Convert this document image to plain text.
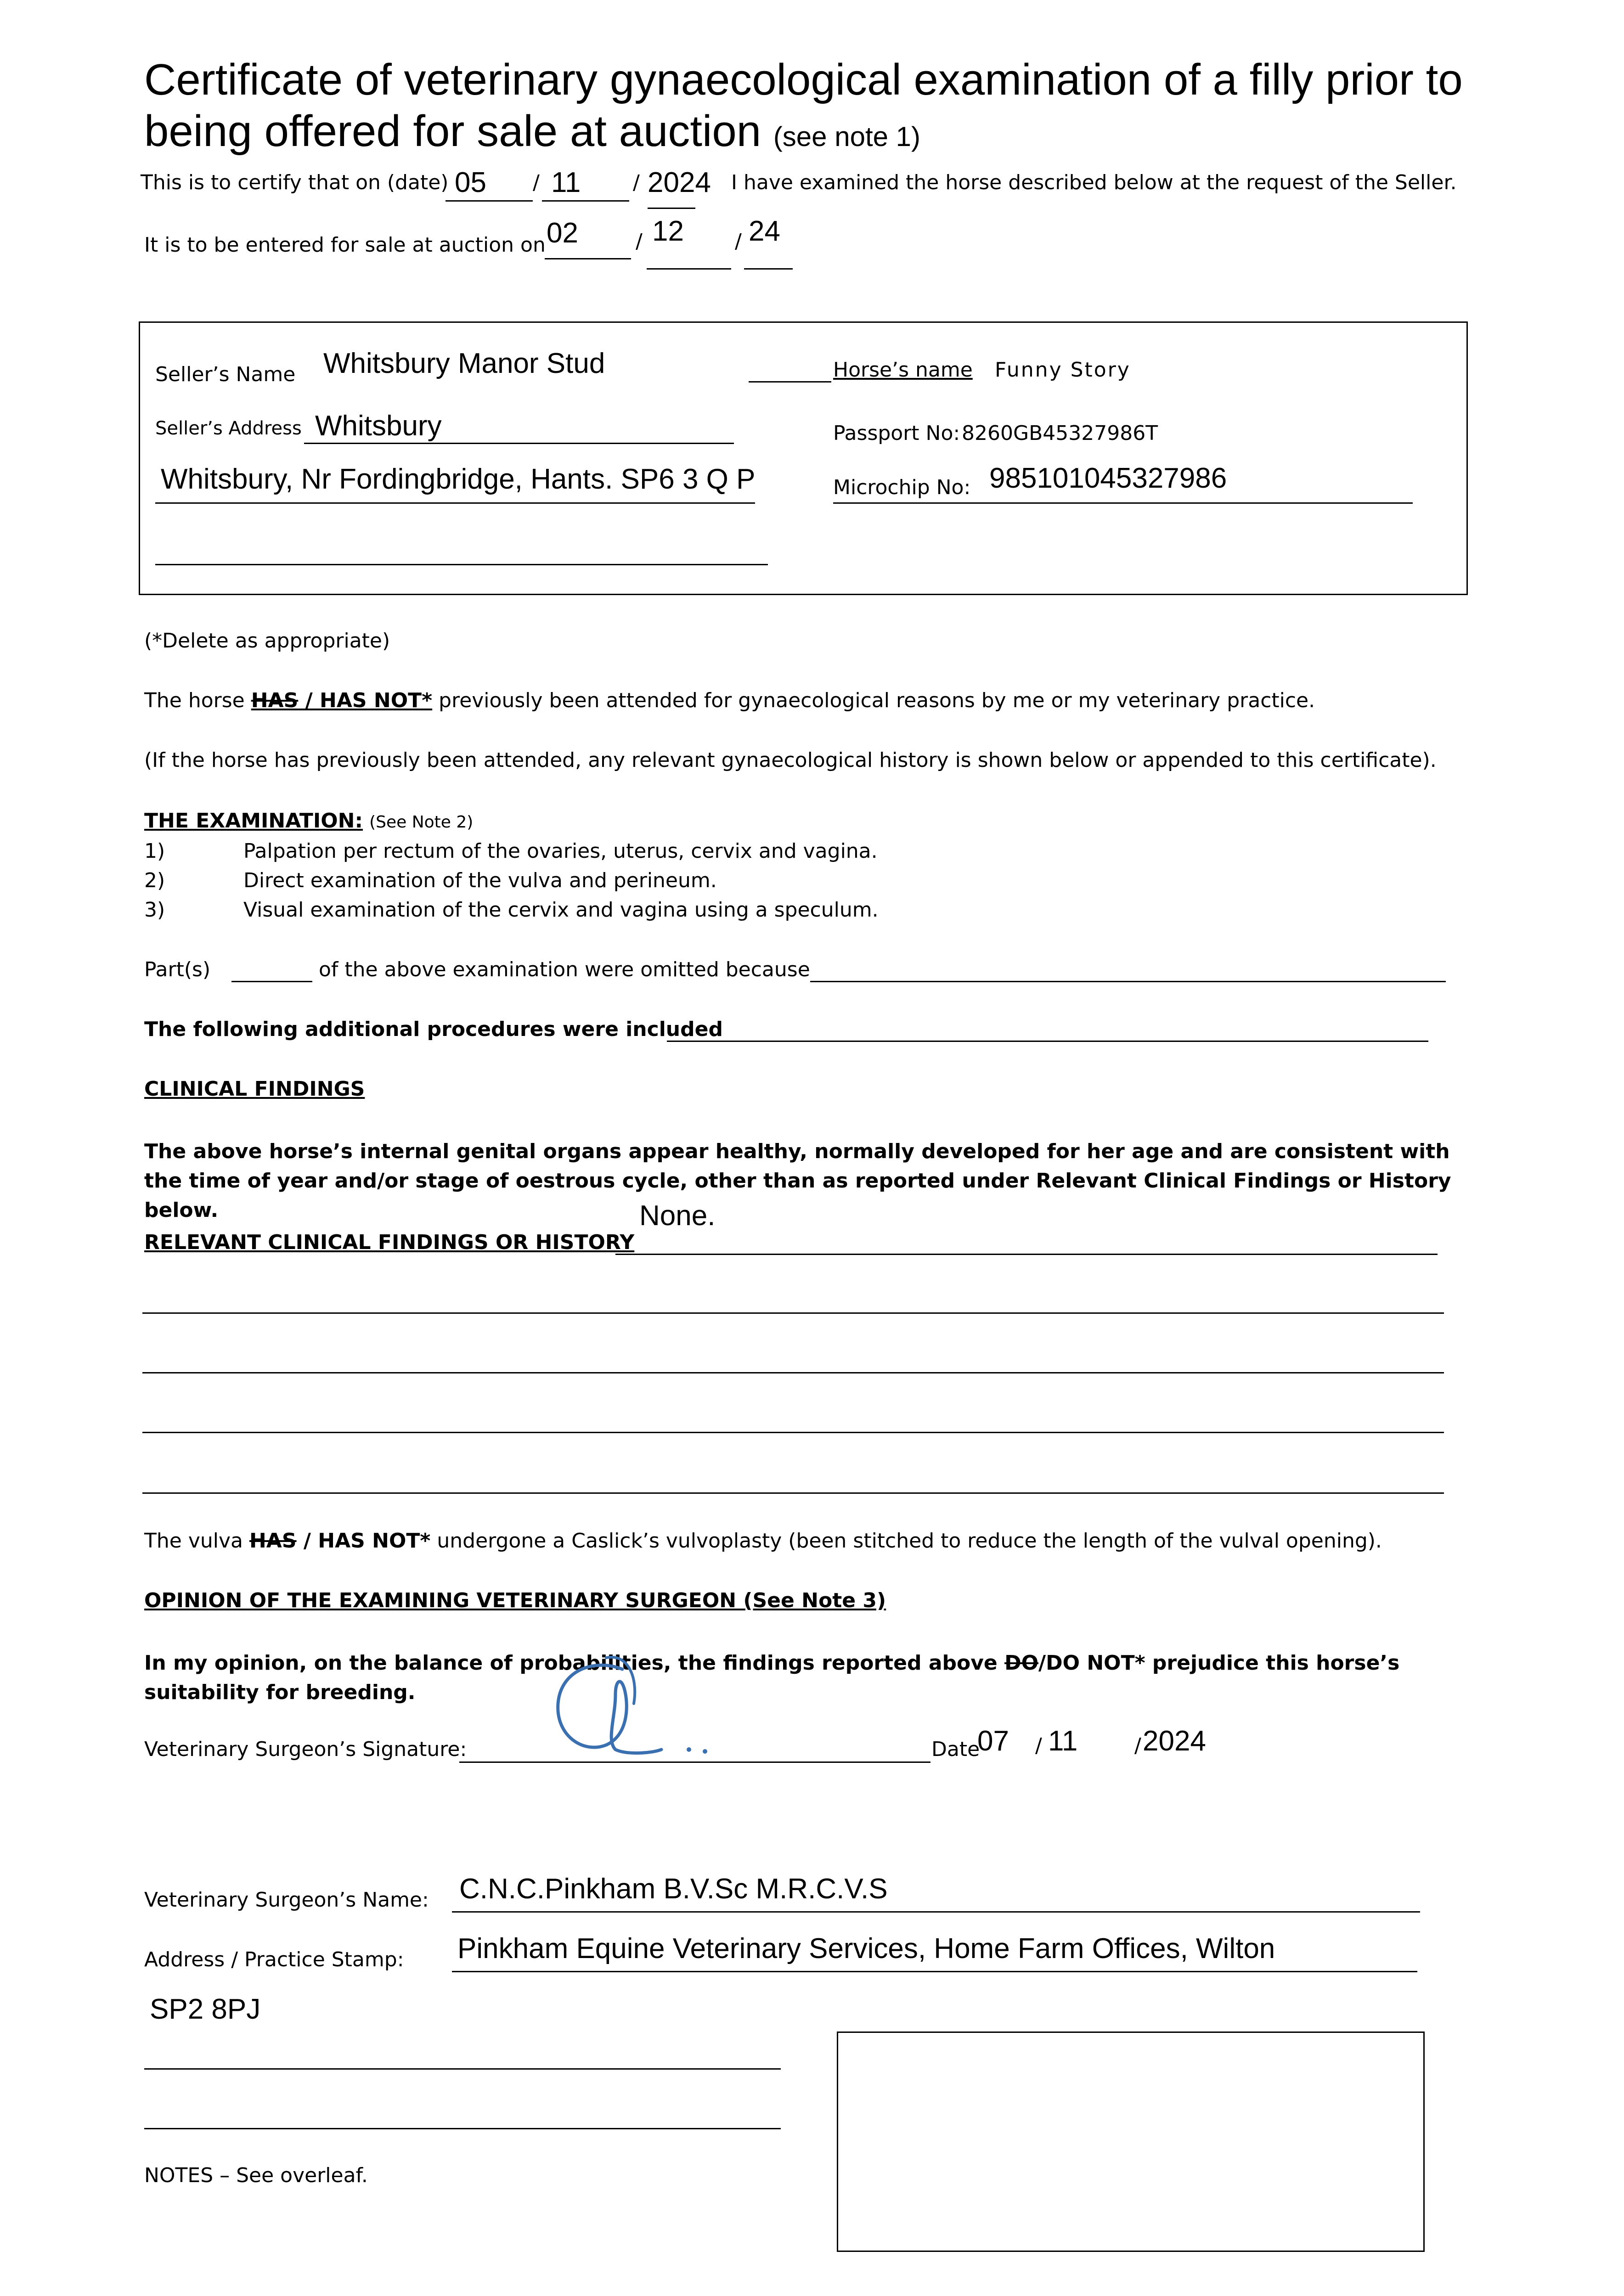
Certificate of veterinary gynaecological examination of a filly prior to being offered for sale at auction (see note 1)
This is to certify that on (date) 05 / 11	/ 2024 I have examined the horse described below at the request of the Seller.
It is to be entered for sale at auction on 02	/ 12	/ 24
Seller’s Name Whitsbury Manor Stud	Horse’s name Funny Story
Seller’s Address Whitsbury	Passport No: 8260GB45327986T
Whitsbury, Nr Fordingbridge, Hants. SP6 3 Q P	Microchip No: 985101045327986
(*Delete as appropriate)
The horse HAS / HAS NOT* previously been attended for gynaecological reasons by me or my veterinary practice.
(If the horse has previously been attended, any relevant gynaecological history is shown below or appended to this certificate).
THE EXAMINATION: (See Note 2)
1)	Palpation per rectum of the ovaries, uterus, cervix and vagina.
2)	Direct examination of the vulva and perineum.
3)	Visual examination of the cervix and vagina using a speculum.
Part(s)	of the above examination were omitted because
The following additional procedures were included
CLINICAL FINDINGS
The above horse’s internal genital organs appear healthy, normally developed for her age and are consistent with the time of year and/or stage of oestrous cycle, other than as reported under Relevant Clinical Findings or History below.
RELEVANT CLINICAL FINDINGS OR HISTORY
None.
The vulva HAS / HAS NOT* undergone a Caslick’s vulvoplasty (been stitched to reduce the length of the vulval opening).
OPINION OF THE EXAMINING VETERINARY SURGEON (See Note 3)
In my opinion, on the balance of probabilities, the findings reported above DO/DO NOT* prejudice this horse’s suitability for breeding.
Veterinary Surgeon’s Signature:	Date
07 / 11	/ 2024
Veterinary Surgeon’s Name: C.N.C.Pinkham B.V.Sc M.R.C.V.S
Address / Practice Stamp: Pinkham Equine Veterinary Services, Home Farm Offices, Wilton
SP2 8PJ
NOTES – See overleaf.
